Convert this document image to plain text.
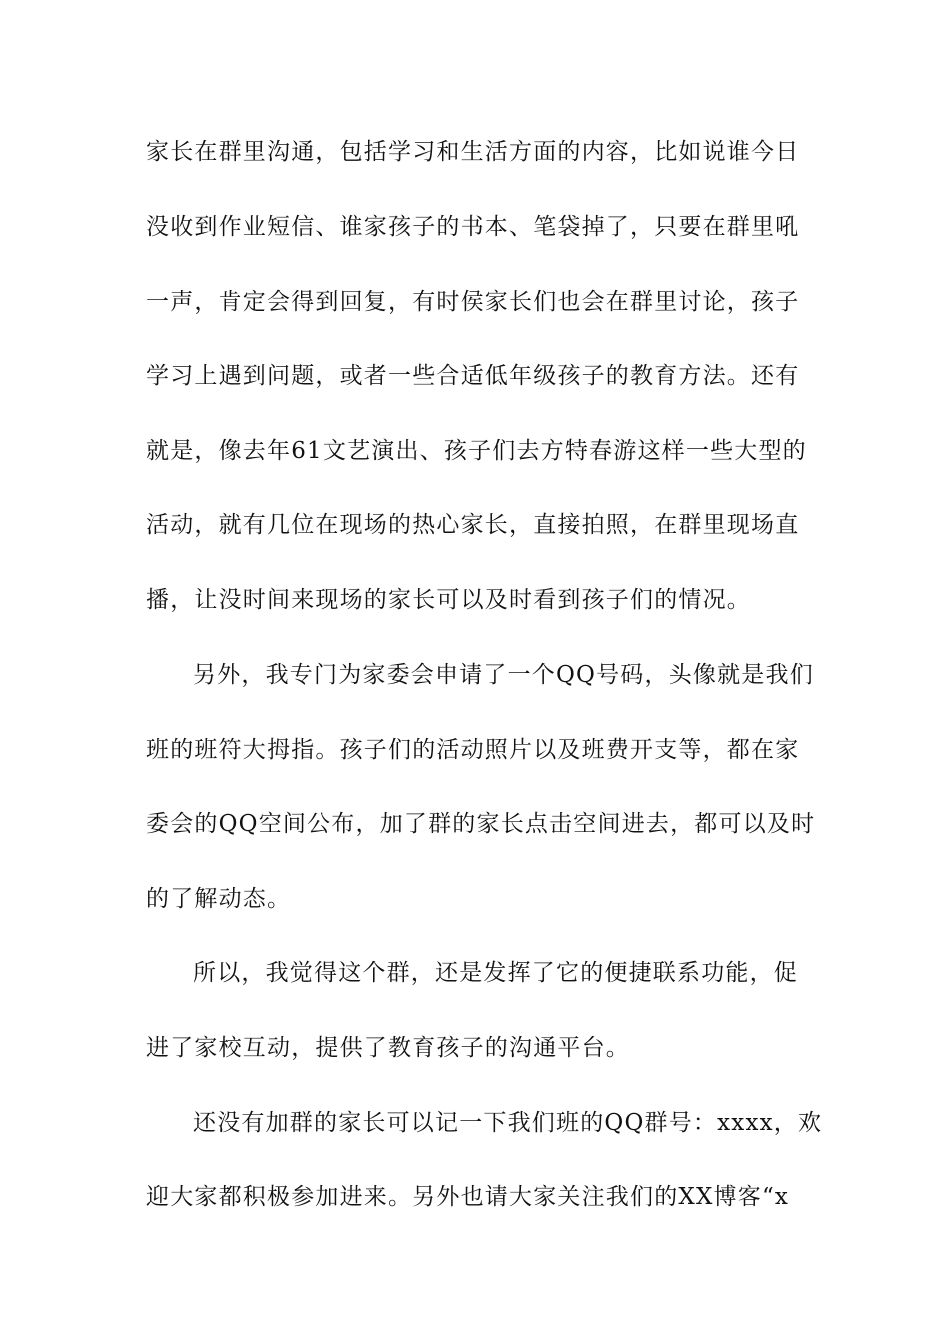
家长在群里沟通，包括学习和生活方面的内容，比如说谁今日
没收到作业短信、谁家孩子的书本、笔袋掉了，只要在群里吼
一声，肯定会得到回复，有时侯家长们也会在群里讨论，孩子
学习上遇到问题，或者一些合适低年级孩子的教育方法。还有
就是，像去年61文艺演出、孩子们去方特春游这样一些大型的
活动，就有几位在现场的热心家长，直接拍照，在群里现场直
播，让没时间来现场的家长可以及时看到孩子们的情况。
另外，我专门为家委会申请了一个QQ号码，头像就是我们
班的班符大拇指。孩子们的活动照片以及班费开支等，都在家
委会的QQ空间公布，加了群的家长点击空间进去，都可以及时
的了解动态。
所以，我觉得这个群，还是发挥了它的便捷联系功能，促
进了家校互动，提供了教育孩子的沟通平台。
还没有加群的家长可以记一下我们班的QQ群号：xxxx，欢
迎大家都积极参加进来。另外也请大家关注我们的XX博客“x
